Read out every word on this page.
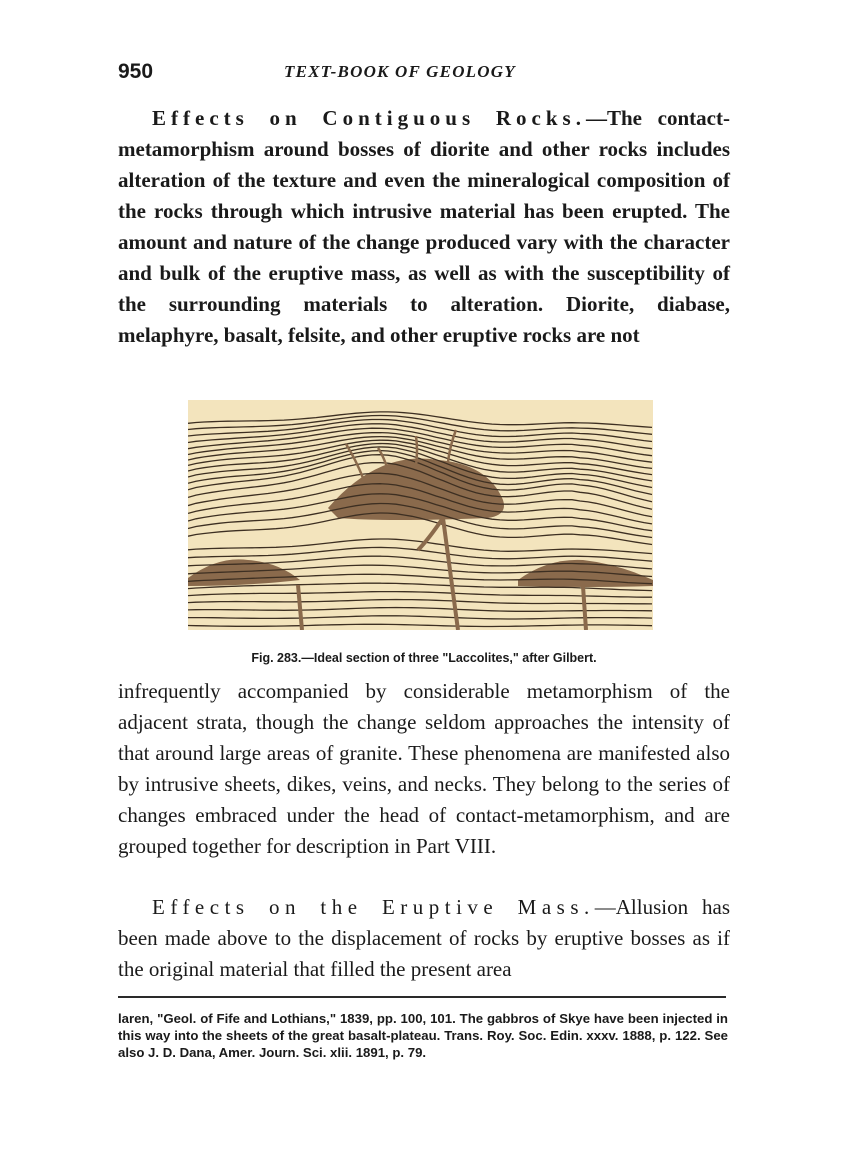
950	TEXT-BOOK OF GEOLOGY

Effects on Contiguous Rocks.—The contact-metamorphism around bosses of diorite and other rocks includes alteration of the texture and even the mineralogical composition of the rocks through which intrusive material has been erupted. The amount and nature of the change produced vary with the character and bulk of the eruptive mass, as well as with the susceptibility of the surrounding materials to alteration. Diorite, diabase, melaphyre, basalt, felsite, and other eruptive rocks are not

Fig. 283.—Ideal section of three "Laccolites," after Gilbert.

infrequently accompanied by considerable metamorphism of the adjacent strata, though the change seldom approaches the intensity of that around large areas of granite. These phenomena are manifested also by intrusive sheets, dikes, veins, and necks. They belong to the series of changes embraced under the head of contact-metamorphism, and are grouped together for description in Part VIII.

Effects on the Eruptive Mass.—Allusion has been made above to the displacement of rocks by eruptive bosses as if the original material that filled the present area

laren, "Geol. of Fife and Lothians," 1839, pp. 100, 101. The gabbros of Skye have been injected in this way into the sheets of the great basalt-plateau. Trans. Roy. Soc. Edin. xxxv. 1888, p. 122. See also J. D. Dana, Amer. Journ. Sci. xlii. 1891, p. 79.
